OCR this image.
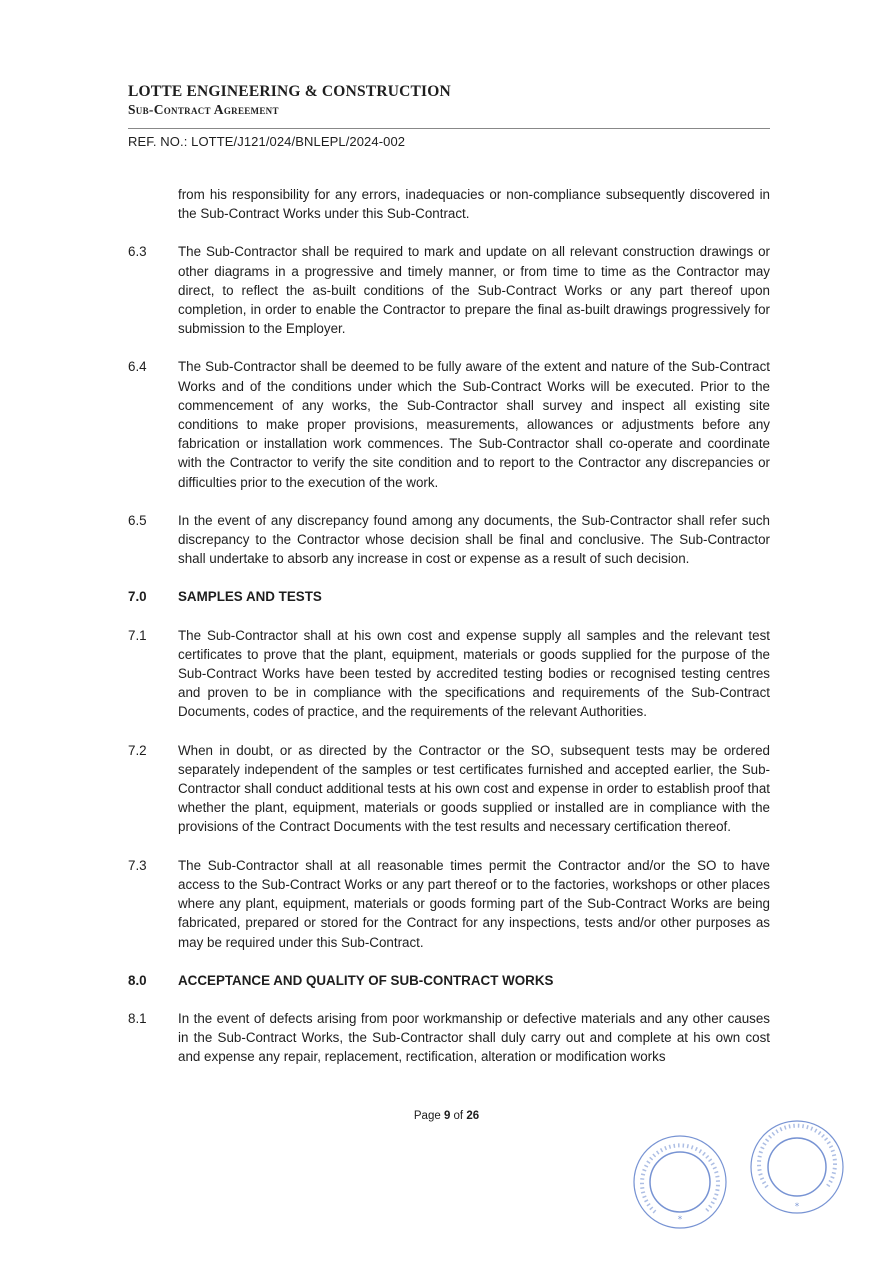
LOTTE ENGINEERING & CONSTRUCTION
Sub-Contract Agreement
REF. NO.: LOTTE/J121/024/BNLEPL/2024-002
from his responsibility for any errors, inadequacies or non-compliance subsequently discovered in the Sub-Contract Works under this Sub-Contract.
6.3	The Sub-Contractor shall be required to mark and update on all relevant construction drawings or other diagrams in a progressive and timely manner, or from time to time as the Contractor may direct, to reflect the as-built conditions of the Sub-Contract Works or any part thereof upon completion, in order to enable the Contractor to prepare the final as-built drawings progressively for submission to the Employer.
6.4	The Sub-Contractor shall be deemed to be fully aware of the extent and nature of the Sub-Contract Works and of the conditions under which the Sub-Contract Works will be executed. Prior to the commencement of any works, the Sub-Contractor shall survey and inspect all existing site conditions to make proper provisions, measurements, allowances or adjustments before any fabrication or installation work commences. The Sub-Contractor shall co-operate and coordinate with the Contractor to verify the site condition and to report to the Contractor any discrepancies or difficulties prior to the execution of the work.
6.5	In the event of any discrepancy found among any documents, the Sub-Contractor shall refer such discrepancy to the Contractor whose decision shall be final and conclusive. The Sub-Contractor shall undertake to absorb any increase in cost or expense as a result of such decision.
7.0	SAMPLES AND TESTS
7.1	The Sub-Contractor shall at his own cost and expense supply all samples and the relevant test certificates to prove that the plant, equipment, materials or goods supplied for the purpose of the Sub-Contract Works have been tested by accredited testing bodies or recognised testing centres and proven to be in compliance with the specifications and requirements of the Sub-Contract Documents, codes of practice, and the requirements of the relevant Authorities.
7.2	When in doubt, or as directed by the Contractor or the SO, subsequent tests may be ordered separately independent of the samples or test certificates furnished and accepted earlier, the Sub-Contractor shall conduct additional tests at his own cost and expense in order to establish proof that whether the plant, equipment, materials or goods supplied or installed are in compliance with the provisions of the Contract Documents with the test results and necessary certification thereof.
7.3	The Sub-Contractor shall at all reasonable times permit the Contractor and/or the SO to have access to the Sub-Contract Works or any part thereof or to the factories, workshops or other places where any plant, equipment, materials or goods forming part of the Sub-Contract Works are being fabricated, prepared or stored for the Contract for any inspections, tests and/or other purposes as may be required under this Sub-Contract.
8.0	ACCEPTANCE AND QUALITY OF SUB-CONTRACT WORKS
8.1	In the event of defects arising from poor workmanship or defective materials and any other causes in the Sub-Contract Works, the Sub-Contractor shall duly carry out and complete at his own cost and expense any repair, replacement, rectification, alteration or modification works
Page 9 of 26
*
*
